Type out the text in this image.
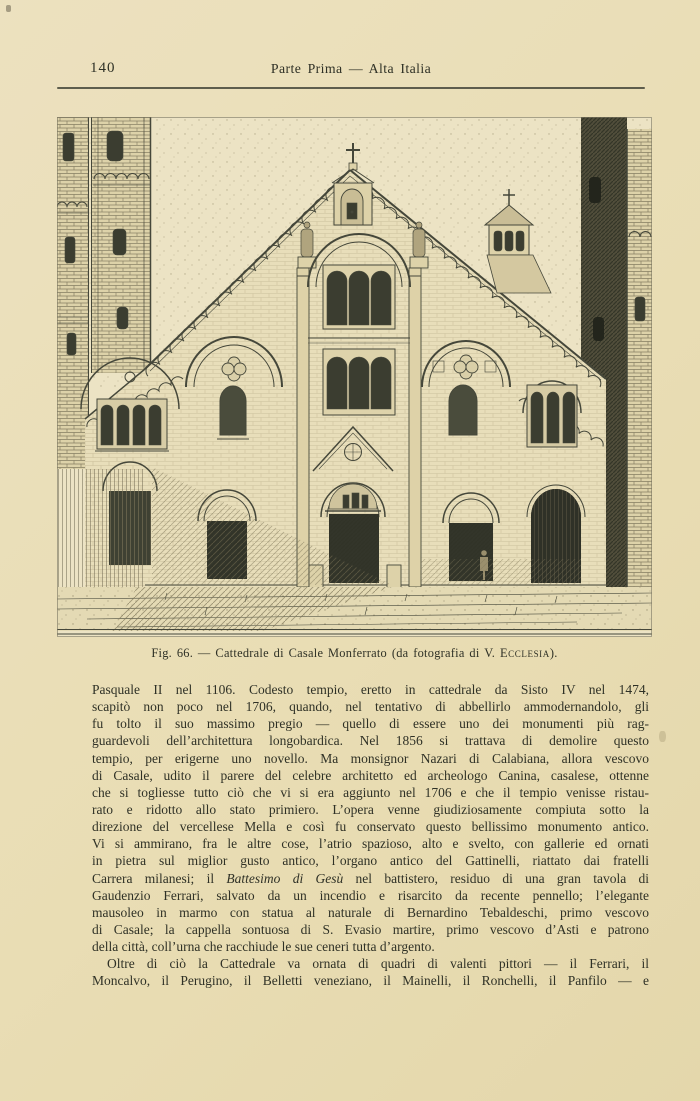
140	Parte Prima — Alta Italia
Fig. 66. — Cattedrale di Casale Monferrato (da fotografia di V. Ecclesia).
Pasquale II nel 1106. Codesto tempio, eretto in cattedrale da Sisto IV nel 1474,
scapitò non poco nel 1706, quando, nel tentativo di abbellirlo ammodernandolo, gli
fu tolto il suo massimo pregio — quello di essere uno dei monumenti più rag-
guardevoli dell’architettura longobardica. Nel 1856 si trattava di demolire questo
tempio, per erigerne uno novello. Ma monsignor Nazari di Calabiana, allora vescovo
di Casale, udito il parere del celebre architetto ed archeologo Canina, casalese, ottenne
che si togliesse tutto ciò che vi si era aggiunto nel 1706 e che il tempio venisse ristau-
rato e ridotto allo stato primiero. L’opera venne giudiziosamente compiuta sotto la
direzione del vercellese Mella e così fu conservato questo bellissimo monumento antico.
Vi si ammirano, fra le altre cose, l’atrio spazioso, alto e svelto, con gallerie ed ornati
in pietra sul miglior gusto antico, l’organo antico del Gattinelli, riattato dai fratelli
Carrera milanesi; il Battesimo di Gesù nel battistero, residuo di una gran tavola di
Gaudenzio Ferrari, salvato da un incendio e risarcito da recente pennello; l’elegante
mausoleo in marmo con statua al naturale di Bernardino Tebaldeschi, primo vescovo
di Casale; la cappella sontuosa di S. Evasio martire, primo vescovo d’Asti e patrono
della città, coll’urna che racchiude le sue ceneri tutta d’argento.
Oltre di ciò la Cattedrale va ornata di quadri di valenti pittori — il Ferrari, il
Moncalvo, il Perugino, il Belletti veneziano, il Mainelli, il Ronchelli, il Panfilo — e
